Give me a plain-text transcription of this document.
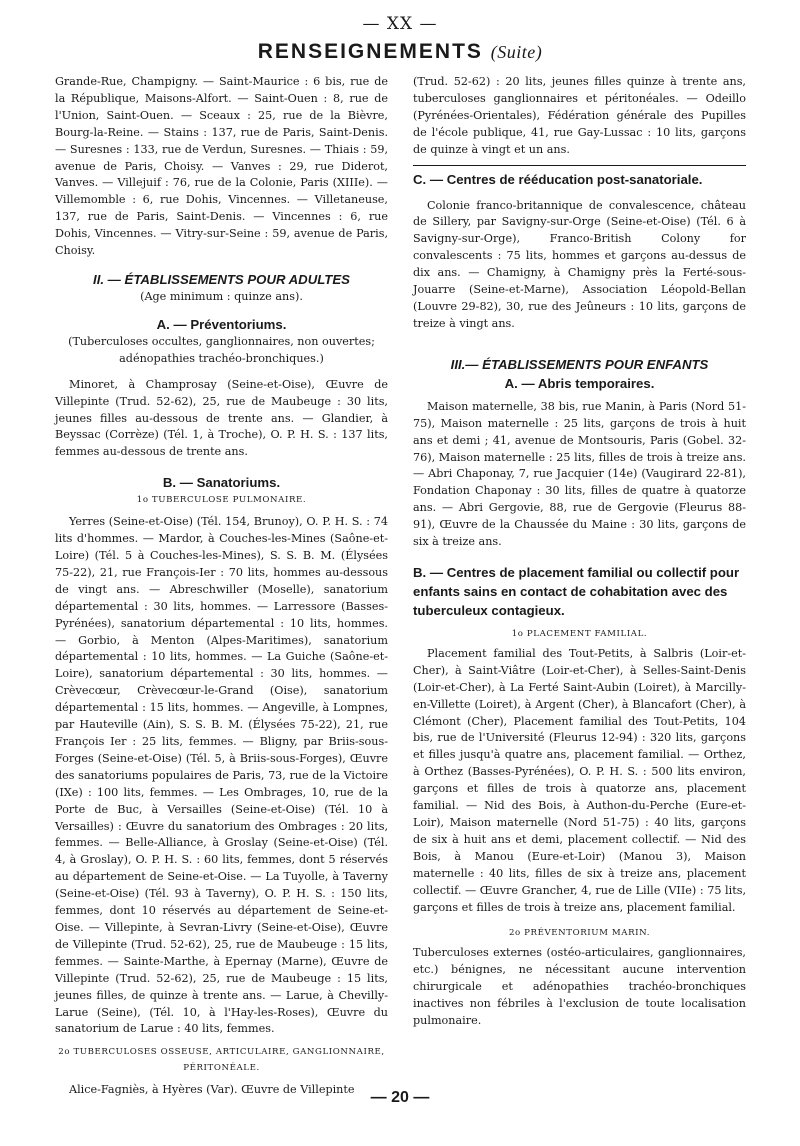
— XX —
RENSEIGNEMENTS (Suite)

Grande-Rue, Champigny. — Saint-Maurice : 6 bis, rue de la République, Maisons-Alfort. — Saint-Ouen : 8, rue de l'Union, Saint-Ouen. — Sceaux : 25, rue de la Bièvre, Bourg-la-Reine. — Stains : 137, rue de Paris, Saint-Denis. — Suresnes : 133, rue de Verdun, Suresnes. — Thiais : 59, avenue de Paris, Choisy. — Vanves : 29, rue Diderot, Vanves. — Villejuif : 76, rue de la Colonie, Paris (XIIIe). — Villemomble : 6, rue Dohis, Vincennes. — Villetaneuse, 137, rue de Paris, Saint-Denis. — Vincennes : 6, rue Dohis, Vincennes. — Vitry-sur-Seine : 59, avenue de Paris, Choisy.

II. — ÉTABLISSEMENTS POUR ADULTES
(Age minimum : quinze ans).
A. — Préventoriums.

(Tuberculoses occultes, ganglionnaires, non ouvertes; adénopathies trachéo-bronchiques.)

Minoret, à Champrosay (Seine-et-Oise), Œuvre de Villepinte (Trud. 52-62), 25, rue de Maubeuge : 30 lits, jeunes filles au-dessous de trente ans. — Glandier, à Beyssac (Corrèze) (Tél. 1, à Troche), O. P. H. S. : 137 lits, femmes au-dessous de trente ans.

B. — Sanatoriums.
1o TUBERCULOSE PULMONAIRE.

Yerres (Seine-et-Oise) (Tél. 154, Brunoy), O. P. H. S. : 74 lits d'hommes. — Mardor, à Couches-les-Mines (Saône-et-Loire) (Tél. 5 à Couches-les-Mines), S. S. B. M. (Élysées 75-22), 21, rue François-Ier : 70 lits, hommes au-dessous de vingt ans. — Abreschwiller (Moselle), sanatorium départemental : 30 lits, hommes. — Larressore (Basses-Pyrénées), sanatorium départemental : 10 lits, hommes. — Gorbio, à Menton (Alpes-Maritimes), sanatorium départemental : 10 lits, hommes. — La Guiche (Saône-et-Loire), sanatorium départemental : 30 lits, hommes. — Crèvecœur, Crèvecœur-le-Grand (Oise), sanatorium départemental : 15 lits, hommes. — Angeville, à Lompnes, par Hauteville (Ain), S. S. B. M. (Élysées 75-22), 21, rue François Ier : 25 lits, femmes. — Bligny, par Briis-sous-Forges (Seine-et-Oise) (Tél. 5, à Briis-sous-Forges), Œuvre des sanatoriums populaires de Paris, 73, rue de la Victoire (IXe) : 100 lits, femmes. — Les Ombrages, 10, rue de la Porte de Buc, à Versailles (Seine-et-Oise) (Tél. 10 à Versailles) : Œuvre du sanatorium des Ombrages : 20 lits, femmes. — Belle-Alliance, à Groslay (Seine-et-Oise) (Tél. 4, à Groslay), O. P. H. S. : 60 lits, femmes, dont 5 réservés au département de Seine-et-Oise. — La Tuyolle, à Taverny (Seine-et-Oise) (Tél. 93 à Taverny), O. P. H. S. : 150 lits, femmes, dont 10 réservés au département de Seine-et-Oise. — Villepinte, à Sevran-Livry (Seine-et-Oise), Œuvre de Villepinte (Trud. 52-62), 25, rue de Maubeuge : 15 lits, femmes. — Sainte-Marthe, à Epernay (Marne), Œuvre de Villepinte (Trud. 52-62), 25, rue de Maubeuge : 15 lits, jeunes filles, de quinze à trente ans. — Larue, à Chevilly-Larue (Seine), (Tél. 10, à l'Hay-les-Roses), Œuvre du sanatorium de Larue : 40 lits, femmes.

2o TUBERCULOSES OSSEUSE, ARTICULAIRE, GANGLIONNAIRE, PÉRITONÉALE.

Alice-Fagniès, à Hyères (Var). Œuvre de Villepinte

(Trud. 52-62) : 20 lits, jeunes filles quinze à trente ans, tuberculoses ganglionnaires et péritonéales. — Odeillo (Pyrénées-Orientales), Fédération générale des Pupilles de l'école publique, 41, rue Gay-Lussac : 10 lits, garçons de quinze à vingt et un ans.

C. — Centres de rééducation post-sanatoriale.

Colonie franco-britannique de convalescence, château de Sillery, par Savigny-sur-Orge (Seine-et-Oise) (Tél. 6 à Savigny-sur-Orge), Franco-British Colony for convalescents : 75 lits, hommes et garçons au-dessus de dix ans. — Chamigny, à Chamigny près la Ferté-sous-Jouarre (Seine-et-Marne), Association Léopold-Bellan (Louvre 29-82), 30, rue des Jeûneurs : 10 lits, garçons de treize à vingt ans.

III.— ÉTABLISSEMENTS POUR ENFANTS
A. — Abris temporaires.

Maison maternelle, 38 bis, rue Manin, à Paris (Nord 51-75), Maison maternelle : 25 lits, garçons de trois à huit ans et demi ; 41, avenue de Montsouris, Paris (Gobel. 32-76), Maison maternelle : 25 lits, filles de trois à treize ans. — Abri Chaponay, 7, rue Jacquier (14e) (Vaugirard 22-81), Fondation Chaponay : 30 lits, filles de quatre à quatorze ans. — Abri Gergovie, 88, rue de Gergovie (Fleurus 88-91), Œuvre de la Chaussée du Maine : 30 lits, garçons de six à treize ans.

B. — Centres de placement familial ou collectif pour enfants sains en contact de cohabitation avec des tuberculeux contagieux.
1o PLACEMENT FAMILIAL.

Placement familial des Tout-Petits, à Salbris (Loir-et-Cher), à Saint-Viâtre (Loir-et-Cher), à Selles-Saint-Denis (Loir-et-Cher), à La Ferté Saint-Aubin (Loiret), à Marcilly-en-Villette (Loiret), à Argent (Cher), à Blancafort (Cher), à Clémont (Cher), Placement familial des Tout-Petits, 104 bis, rue de l'Université (Fleurus 12-94) : 320 lits, garçons et filles jusqu'à quatre ans, placement familial. — Orthez, à Orthez (Basses-Pyrénées), O. P. H. S. : 500 lits environ, garçons et filles de trois à quatorze ans, placement familial. — Nid des Bois, à Authon-du-Perche (Eure-et-Loir), Maison maternelle (Nord 51-75) : 40 lits, garçons de six à huit ans et demi, placement collectif. — Nid des Bois, à Manou (Eure-et-Loir) (Manou 3), Maison maternelle : 40 lits, filles de six à treize ans, placement collectif. — Œuvre Grancher, 4, rue de Lille (VIIe) : 75 lits, garçons et filles de trois à treize ans, placement familial.

2o PRÉVENTORIUM MARIN.

Tuberculoses externes (ostéo-articulaires, ganglionnaires, etc.) bénignes, ne nécessitant aucune intervention chirurgicale et adénopathies trachéo-bronchiques inactives non fébriles à l'exclusion de toute localisation pulmonaire.

— 20 —
